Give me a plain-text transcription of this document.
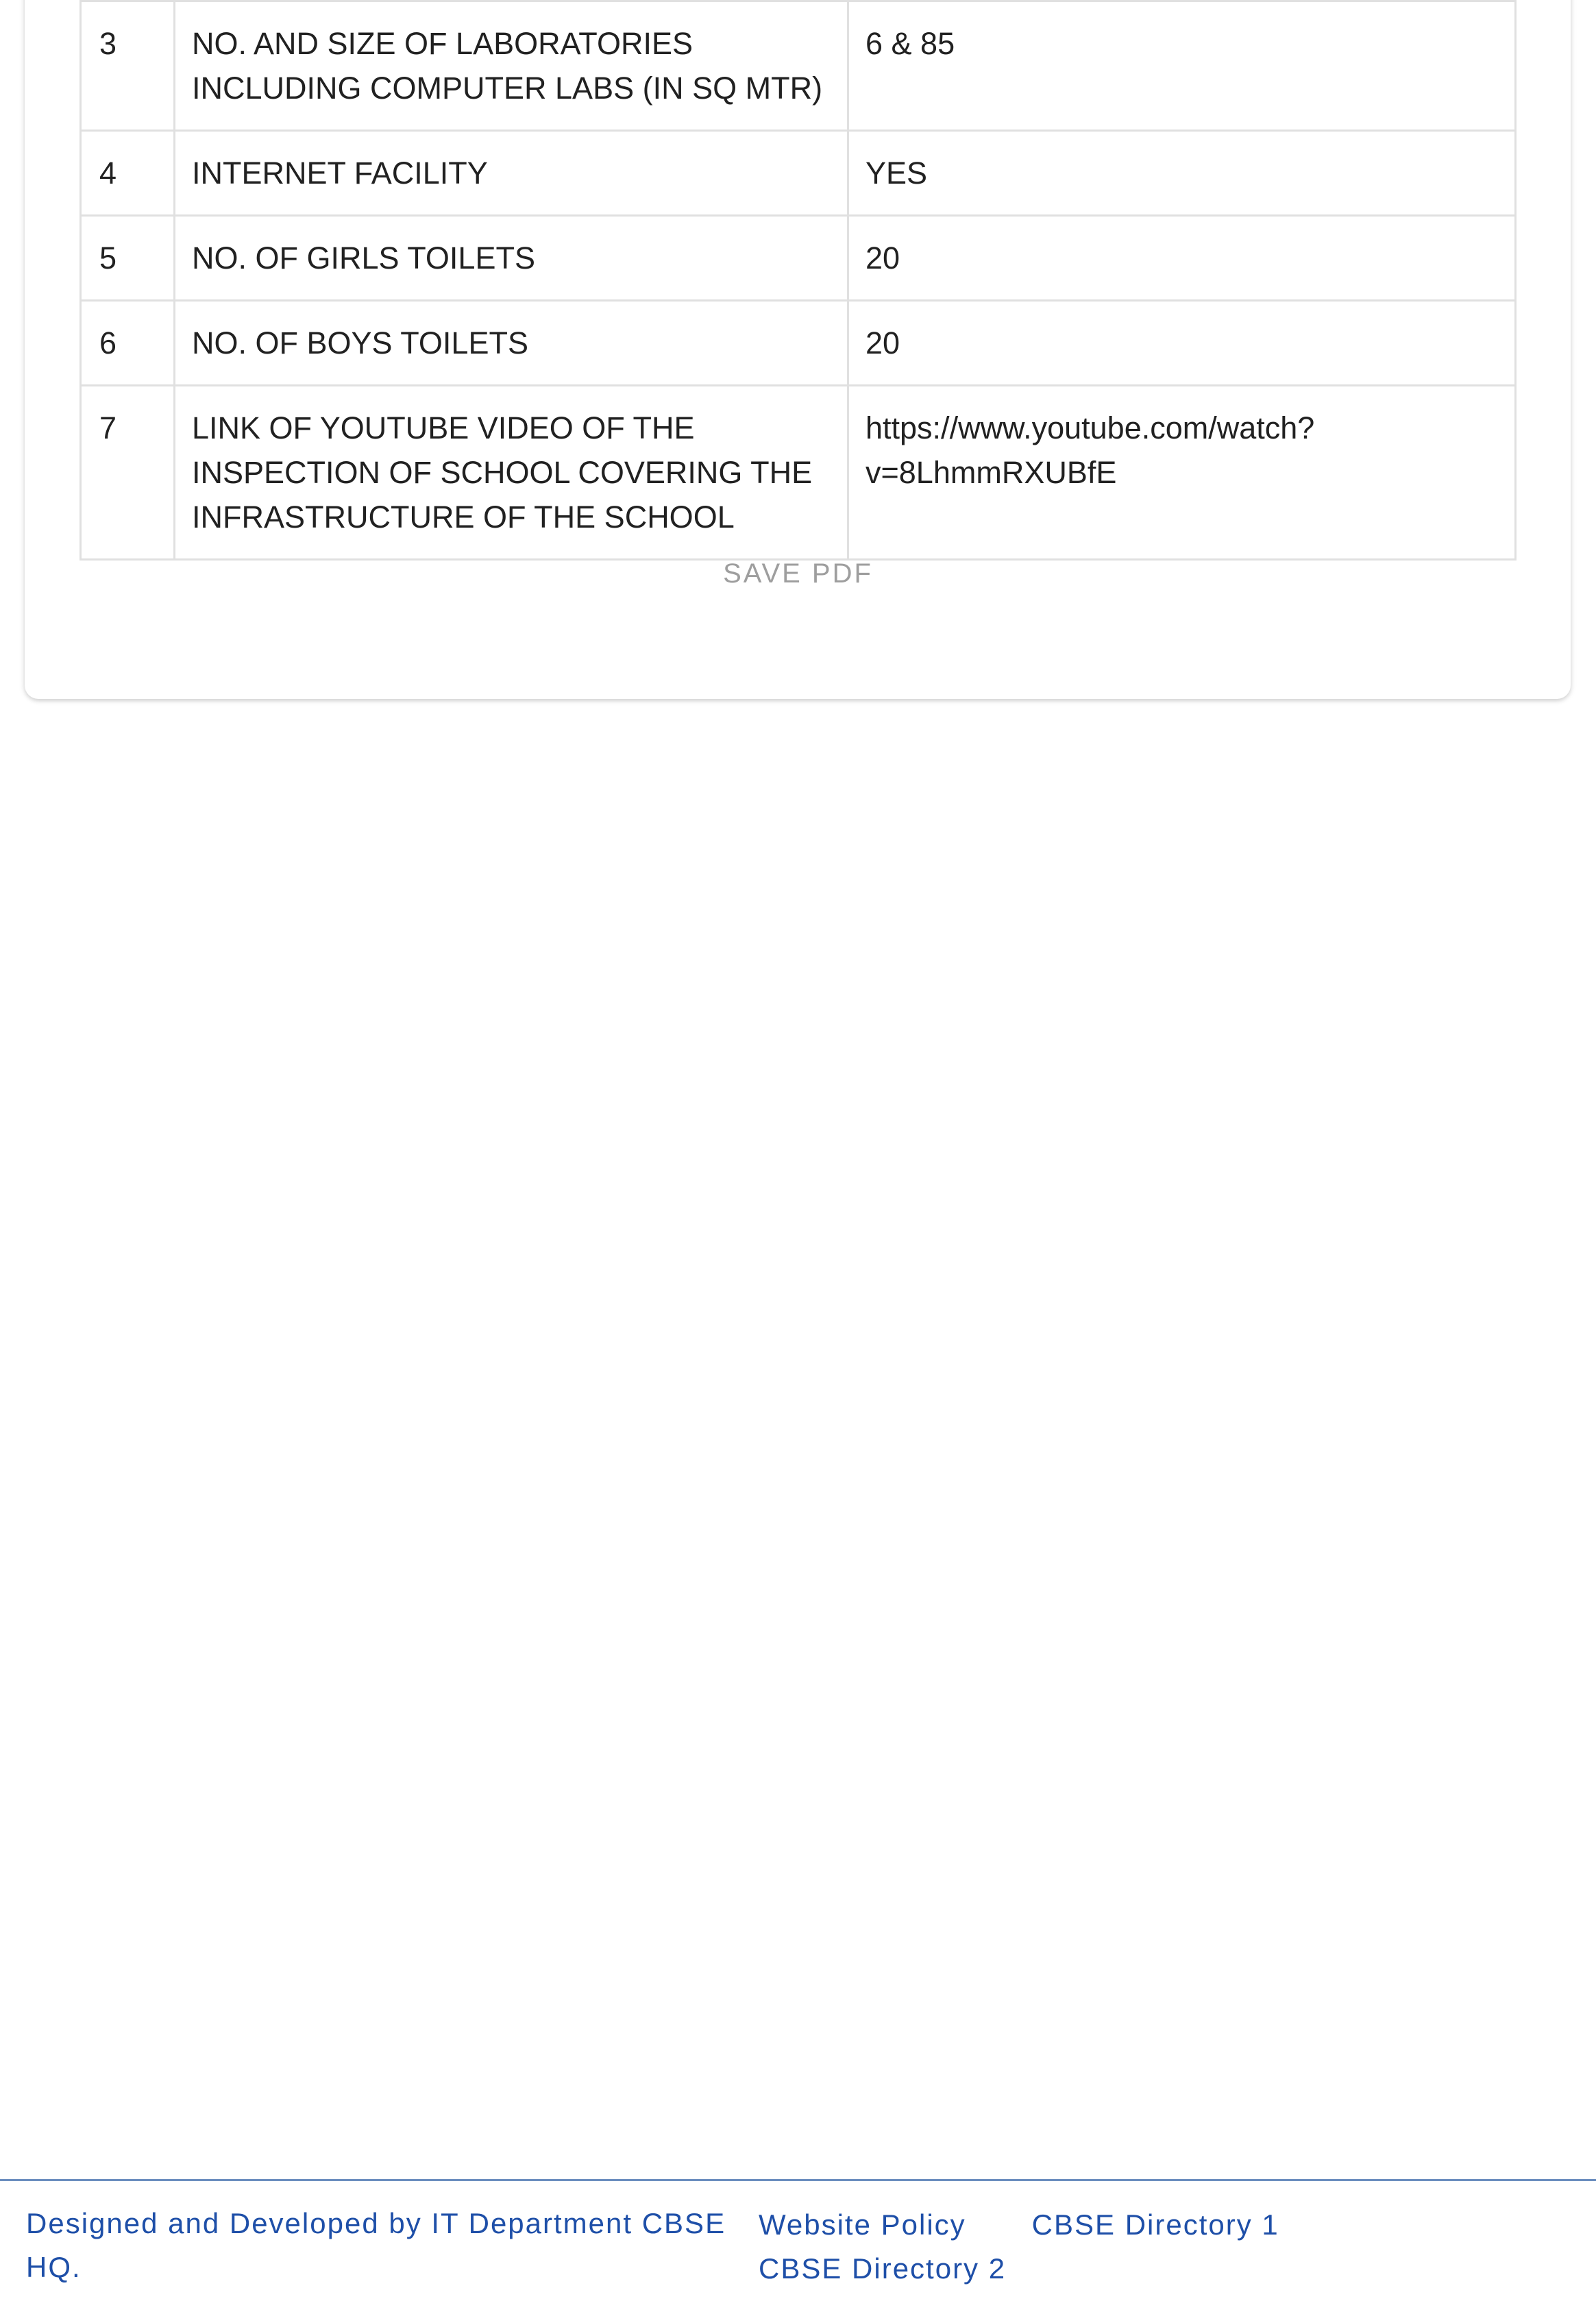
3	NO. AND SIZE OF LABORATORIES INCLUDING COMPUTER LABS (IN SQ MTR)	6 & 85
4	INTERNET FACILITY	YES
5	NO. OF GIRLS TOILETS	20
6	NO. OF BOYS TOILETS	20
7	LINK OF YOUTUBE VIDEO OF THE INSPECTION OF SCHOOL COVERING THE INFRASTRUCTURE OF THE SCHOOL	https://www.youtube.com/watch?v=8LhmmRXUBfE
SAVE PDF
Designed and Developed by IT Department CBSE HQ.
Website Policy CBSE Directory 1CBSE Directory 2
